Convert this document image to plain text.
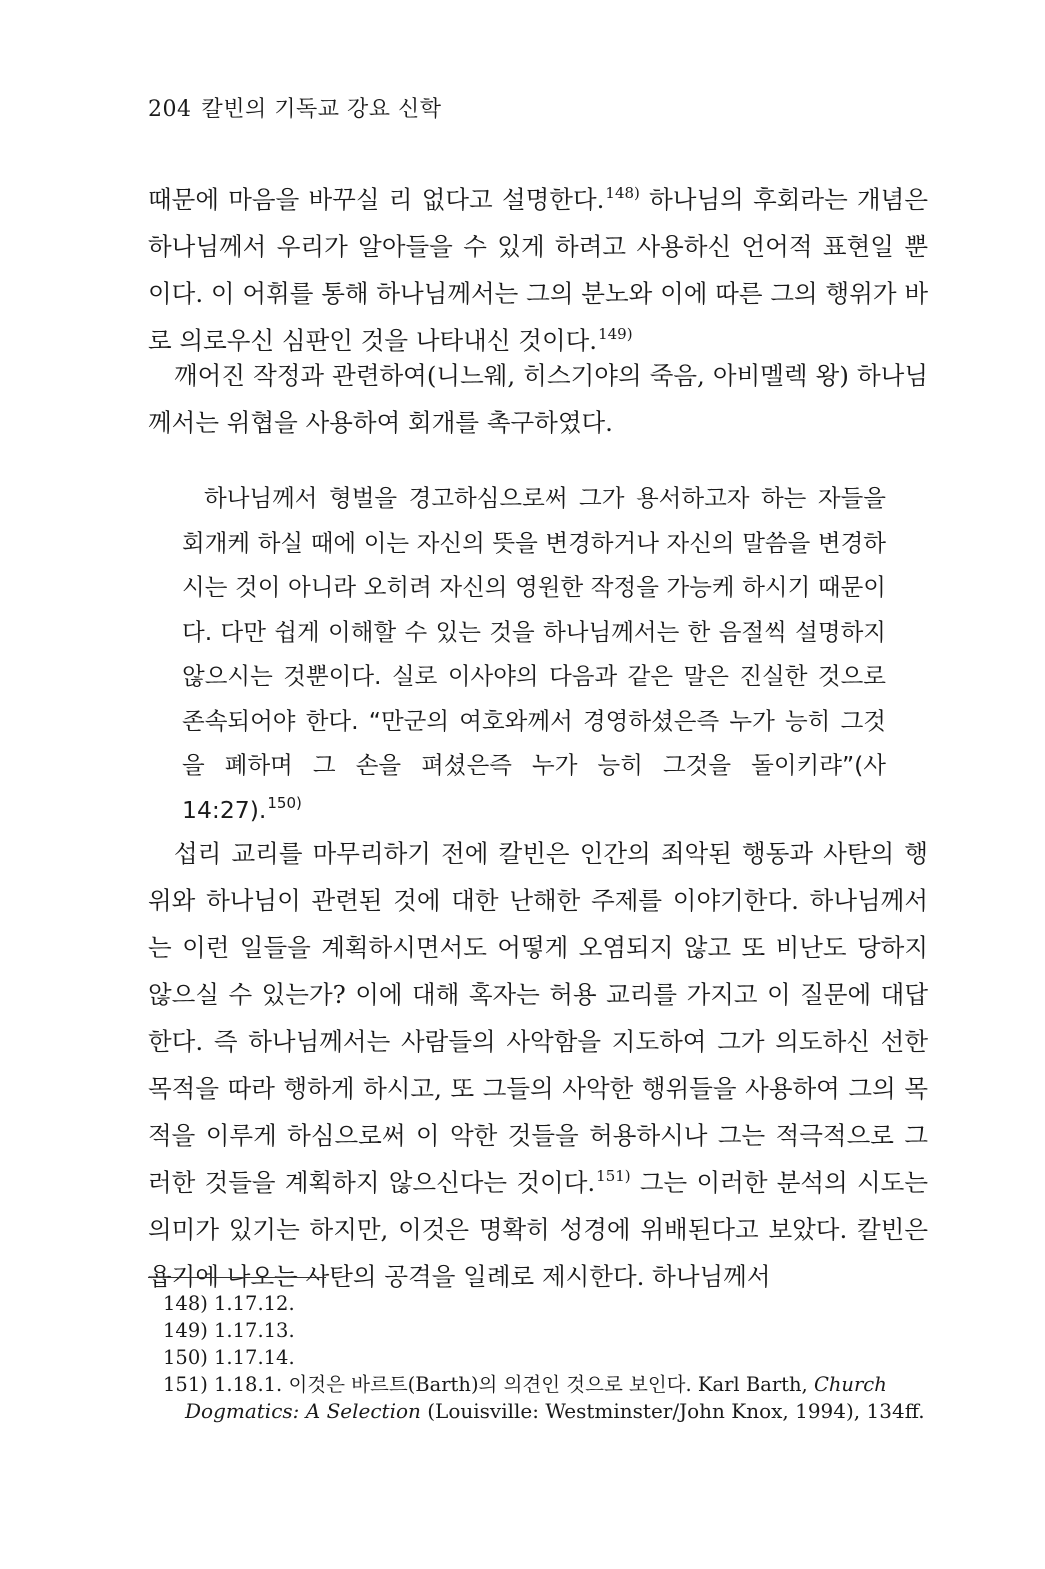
204 칼빈의 기독교 강요 신학

때문에 마음을 바꾸실 리 없다고 설명한다.$^{148)}$ 하나님의 후회라는 개념은 하나님께서 우리가 알아들을 수 있게 하려고 사용하신 언어적 표현일 뿐이다. 이 어휘를 통해 하나님께서는 그의 분노와 이에 따른 그의 행위가 바로 의로우신 심판인 것을 나타내신 것이다.$^{149)}$

깨어진 작정과 관련하여(니느웨, 히스기야의 죽음, 아비멜렉 왕) 하나님께서는 위협을 사용하여 회개를 촉구하였다.

하나님께서 형벌을 경고하심으로써 그가 용서하고자 하는 자들을 회개케 하실 때에 이는 자신의 뜻을 변경하거나 자신의 말씀을 변경하시는 것이 아니라 오히려 자신의 영원한 작정을 가능케 하시기 때문이다. 다만 쉽게 이해할 수 있는 것을 하나님께서는 한 음절씩 설명하지 않으시는 것뿐이다. 실로 이사야의 다음과 같은 말은 진실한 것으로 존속되어야 한다. “만군의 여호와께서 경영하셨은즉 누가 능히 그것을 폐하며 그 손을 펴셨은즉 누가 능히 그것을 돌이키랴”(사 14:27).$^{150)}$

섭리 교리를 마무리하기 전에 칼빈은 인간의 죄악된 행동과 사탄의 행위와 하나님이 관련된 것에 대한 난해한 주제를 이야기한다. 하나님께서는 이런 일들을 계획하시면서도 어떻게 오염되지 않고 또 비난도 당하지 않으실 수 있는가? 이에 대해 혹자는 허용 교리를 가지고 이 질문에 대답한다. 즉 하나님께서는 사람들의 사악함을 지도하여 그가 의도하신 선한 목적을 따라 행하게 하시고, 또 그들의 사악한 행위들을 사용하여 그의 목적을 이루게 하심으로써 이 악한 것들을 허용하시나 그는 적극적으로 그러한 것들을 계획하지 않으신다는 것이다.$^{151)}$ 그는 이러한 분석의 시도는 의미가 있기는 하지만, 이것은 명확히 성경에 위배된다고 보았다. 칼빈은 욥기에 나오는 사탄의 공격을 일례로 제시한다. 하나님께서

148) 1.17.12.
149) 1.17.13.
150) 1.17.14.
151) 1.18.1. 이것은 바르트(Barth)의 의견인 것으로 보인다. Karl Barth, Church
Dogmatics: A Selection (Louisville: Westminster/John Knox, 1994), 134ff.
